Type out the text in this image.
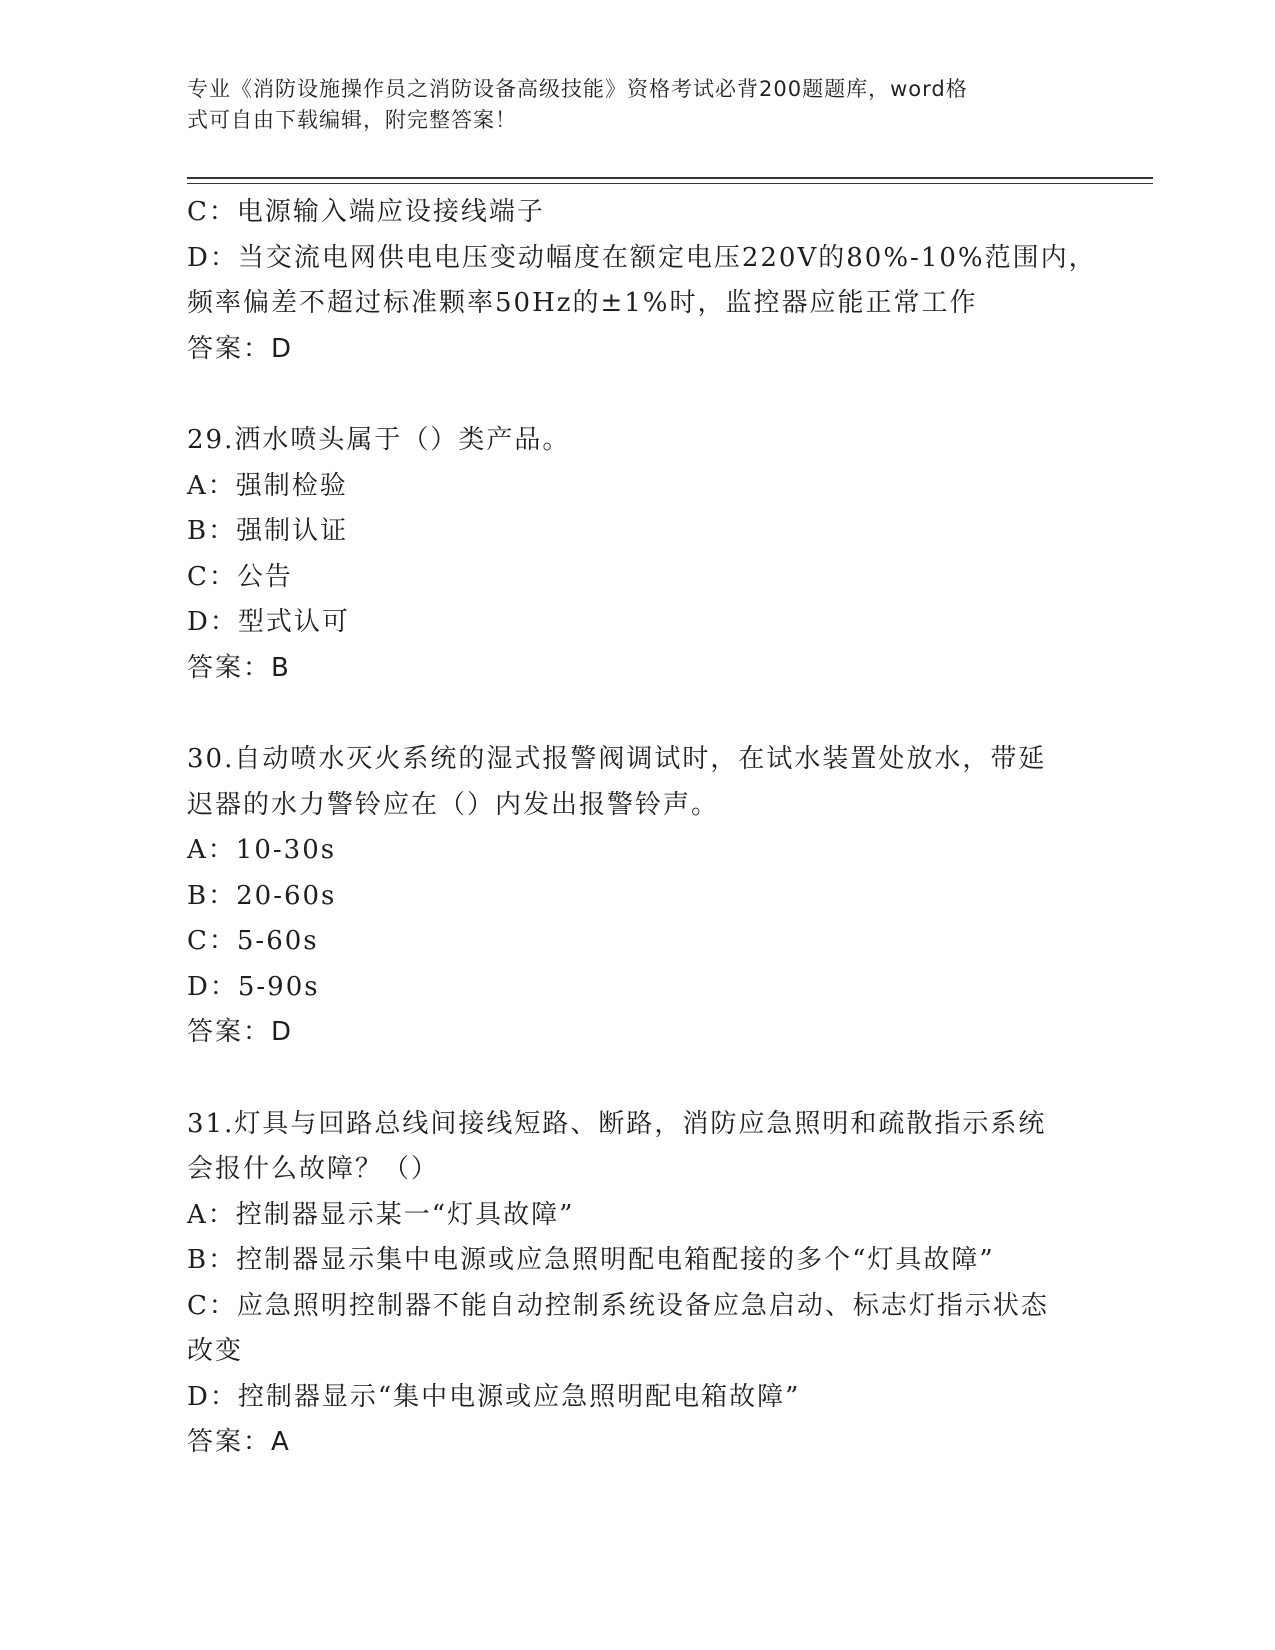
专业《消防设施操作员之消防设备高级技能》资格考试必背200题题库，word格
式可自由下载编辑，附完整答案！
C：电源输入端应设接线端子
D：当交流电网供电电压变动幅度在额定电压220V的80%-10%范围内，
频率偏差不超过标准颗率50Hz的±1%时，监控器应能正常工作
答案：D
29.洒水喷头属于（）类产品。
A：强制检验
B：强制认证
C：公告
D：型式认可
答案：B
30.自动喷水灭火系统的湿式报警阀调试时，在试水装置处放水，带延
迟器的水力警铃应在（）内发出报警铃声。
A：10-30s
B：20-60s
C：5-60s
D：5-90s
答案：D
31.灯具与回路总线间接线短路、断路，消防应急照明和疏散指示系统
会报什么故障？（）
A：控制器显示某一“灯具故障”
B：控制器显示集中电源或应急照明配电箱配接的多个“灯具故障”
C：应急照明控制器不能自动控制系统设备应急启动、标志灯指示状态
改变
D：控制器显示“集中电源或应急照明配电箱故障”
答案：A
